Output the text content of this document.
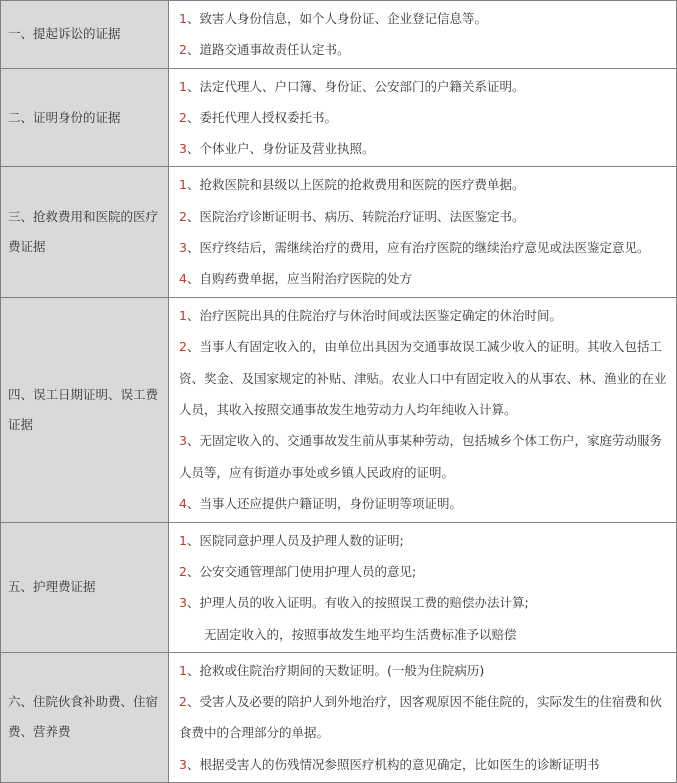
一、提起诉讼的证据	1、致害人身份信息，如个人身份证、企业登记信息等。
2、道路交通事故责任认定书。

二、证明身份的证据	1、法定代理人、户口簿、身份证、公安部门的户籍关系证明。
2、委托代理人授权委托书。
3、个体业户、身份证及营业执照。

三、抢救费用和医院的医疗费证据	1、抢救医院和县级以上医院的抢救费用和医院的医疗费单据。
2、医院治疗诊断证明书、病历、转院治疗证明、法医鉴定书。
3、医疗终结后，需继续治疗的费用，应有治疗医院的继续治疗意见或法医鉴定意见。
4、自购药费单据，应当附治疗医院的处方

四、误工日期证明、误工费证据	1、治疗医院出具的住院治疗与休治时间或法医鉴定确定的休治时间。
2、当事人有固定收入的，由单位出具因为交通事故误工减少收入的证明。其收入包括工资、奖金、及国家规定的补贴、津贴。农业人口中有固定收入的从事农、林、渔业的在业人员，其收入按照交通事故发生地劳动力人均年纯收入计算。
3、无固定收入的、交通事故发生前从事某种劳动，包括城乡个体工伤户，家庭劳动服务人员等，应有街道办事处或乡镇人民政府的证明。
4、当事人还应提供户籍证明，身份证明等项证明。

五、护理费证据	1、医院同意护理人员及护理人数的证明;
2、公安交通管理部门使用护理人员的意见;
3、护理人员的收入证明。有收入的按照误工费的赔偿办法计算;
无固定收入的，按照事故发生地平均生活费标准予以赔偿

六、住院伙食补助费、住宿费、营养费	1、抢救或住院治疗期间的天数证明。(一般为住院病历)
2、受害人及必要的陪护人到外地治疗，因客观原因不能住院的，实际发生的住宿费和伙食费中的合理部分的单据。
3、根据受害人的伤残情况参照医疗机构的意见确定，比如医生的诊断证明书
